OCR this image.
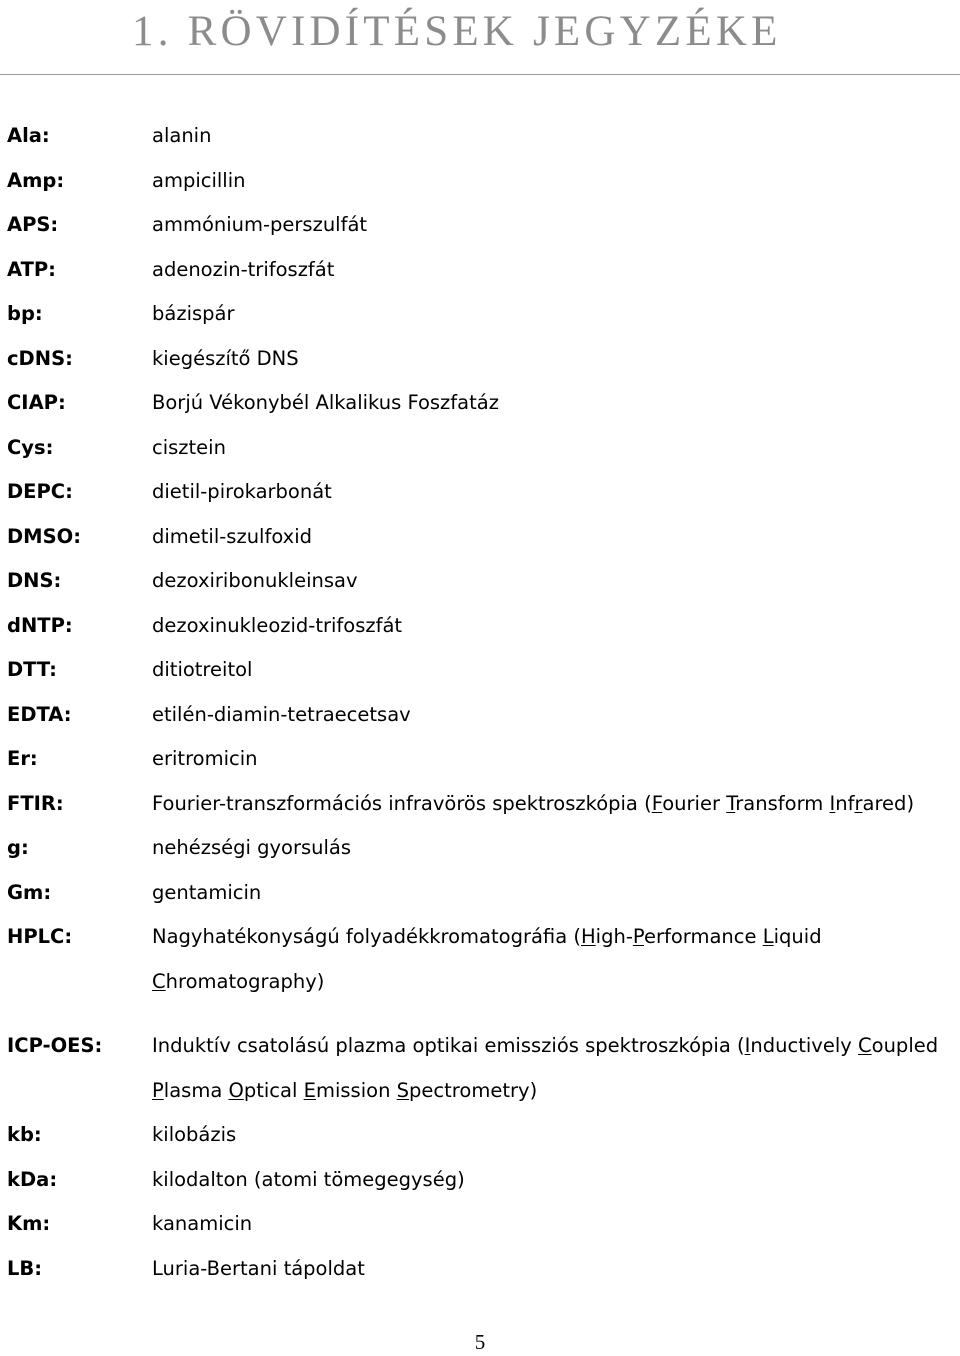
1. RÖVIDÍTÉSEK JEGYZÉKE
Ala:	alanin
Amp:	ampicillin
APS:	ammónium-perszulfát
ATP:	adenozin-trifoszfát
bp:	bázispár
cDNS:	kiegészítő DNS
CIAP:	Borjú Vékonybél Alkalikus Foszfatáz
Cys:	cisztein
DEPC:	dietil-pirokarbonát
DMSO:	dimetil-szulfoxid
DNS:	dezoxiribonukleinsav
dNTP:	dezoxinukleozid-trifoszfát
DTT:	ditiotreitol
EDTA:	etilén-diamin-tetraecetsav
Er:	eritromicin
FTIR:	Fourier-transzformációs infravörös spektroszkópia (Fourier Transform Infrared)
g:	nehézségi gyorsulás
Gm:	gentamicin
HPLC:	Nagyhatékonyságú folyadékkromatográfia (High-Performance Liquid Chromatography)
ICP-OES:	Induktív csatolású plazma optikai emissziós spektroszkópia (Inductively Coupled Plasma Optical Emission Spectrometry)
kb:	kilobázis
kDa:	kilodalton (atomi tömegegység)
Km:	kanamicin
LB:	Luria-Bertani tápoldat
5
